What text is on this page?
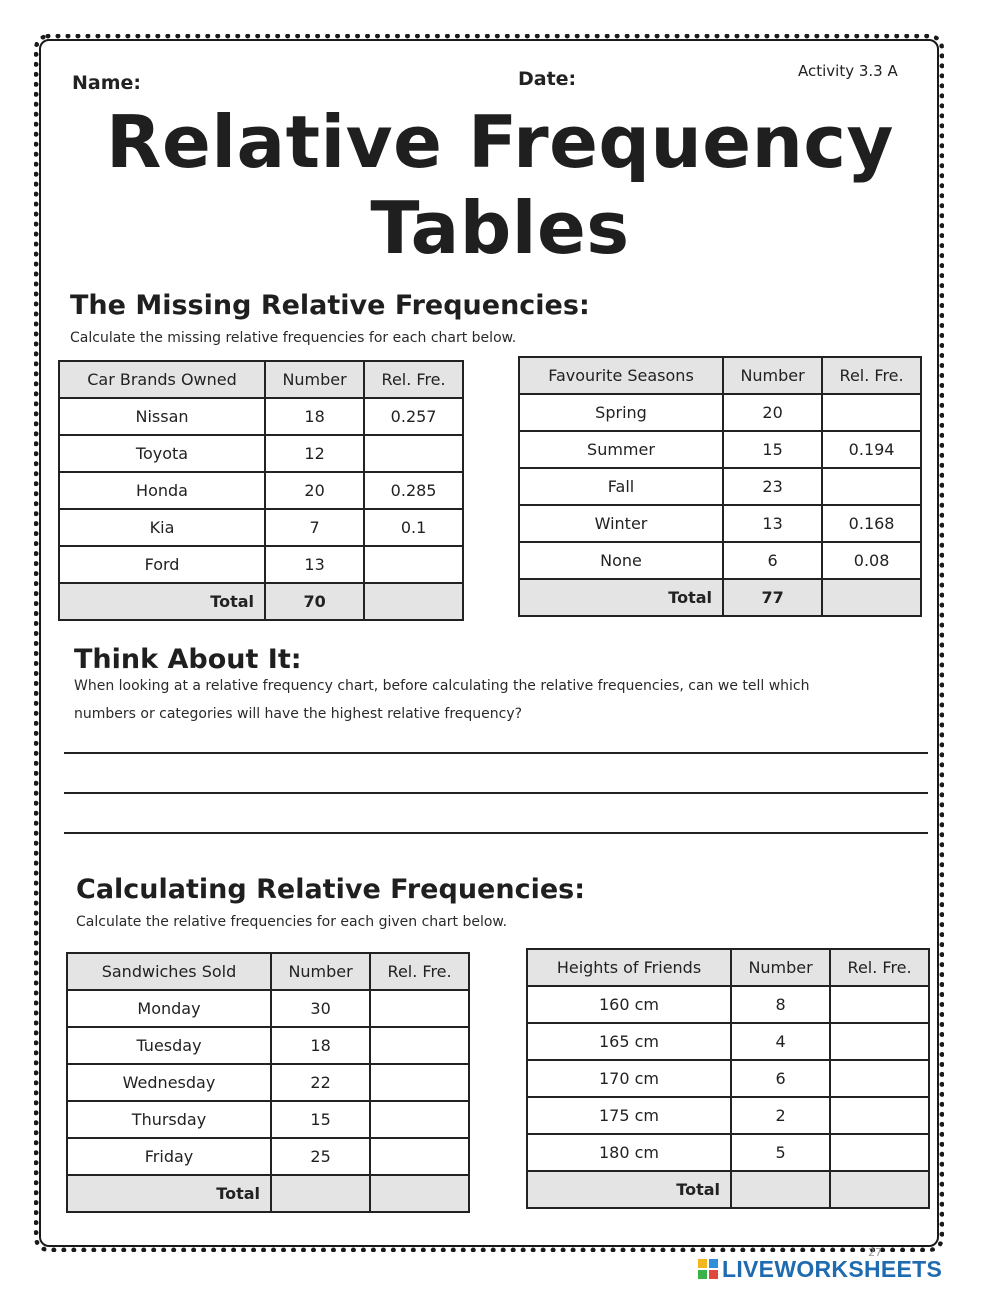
Name:	Date:	Activity 3.3 A
Relative Frequency
Tables
The Missing Relative Frequencies:
Calculate the missing relative frequencies for each chart below.
Car Brands Owned	Number	Rel. Fre.
Nissan	18	0.257
Toyota	12	
Honda	20	0.285
Kia	7	0.1
Ford	13	
Total	70	
Favourite Seasons	Number	Rel. Fre.
Spring	20	
Summer	15	0.194
Fall	23	
Winter	13	0.168
None	6	0.08
Total	77	
Think About It:
When looking at a relative frequency chart, before calculating the relative frequencies, can we tell which
numbers or categories will have the highest relative frequency?
Calculating Relative Frequencies:
Calculate the relative frequencies for each given chart below.
Sandwiches Sold	Number	Rel. Fre.
Monday	30	
Tuesday	18	
Wednesday	22	
Thursday	15	
Friday	25	
Total		
Heights of Friends	Number	Rel. Fre.
160 cm	8	
165 cm	4	
170 cm	6	
175 cm	2	
180 cm	5	
Total		
LIVEWORKSHEETS
27
